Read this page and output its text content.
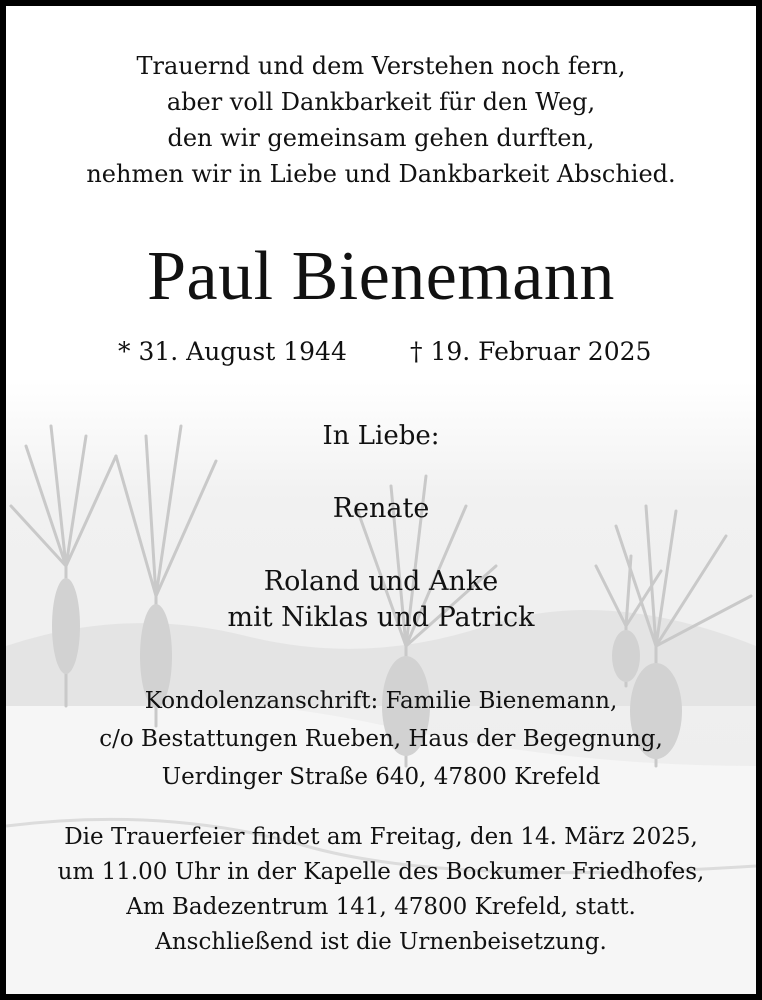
Trauernd und dem Verstehen noch fern,
aber voll Dankbarkeit für den Weg,
den wir gemeinsam gehen durften,
nehmen wir in Liebe und Dankbarkeit Abschied.
Paul Bienemann
* 31. August 1944	† 19. Februar 2025
In Liebe:
Renate
Roland und Anke
mit Niklas und Patrick
Kondolenzanschrift: Familie Bienemann,
c/o Bestattungen Rueben, Haus der Begegnung,
Uerdinger Straße 640, 47800 Krefeld
Die Trauerfeier findet am Freitag, den 14. März 2025,
um 11.00 Uhr in der Kapelle des Bockumer Friedhofes,
Am Badezentrum 141, 47800 Krefeld, statt.
Anschließend ist die Urnenbeisetzung.
